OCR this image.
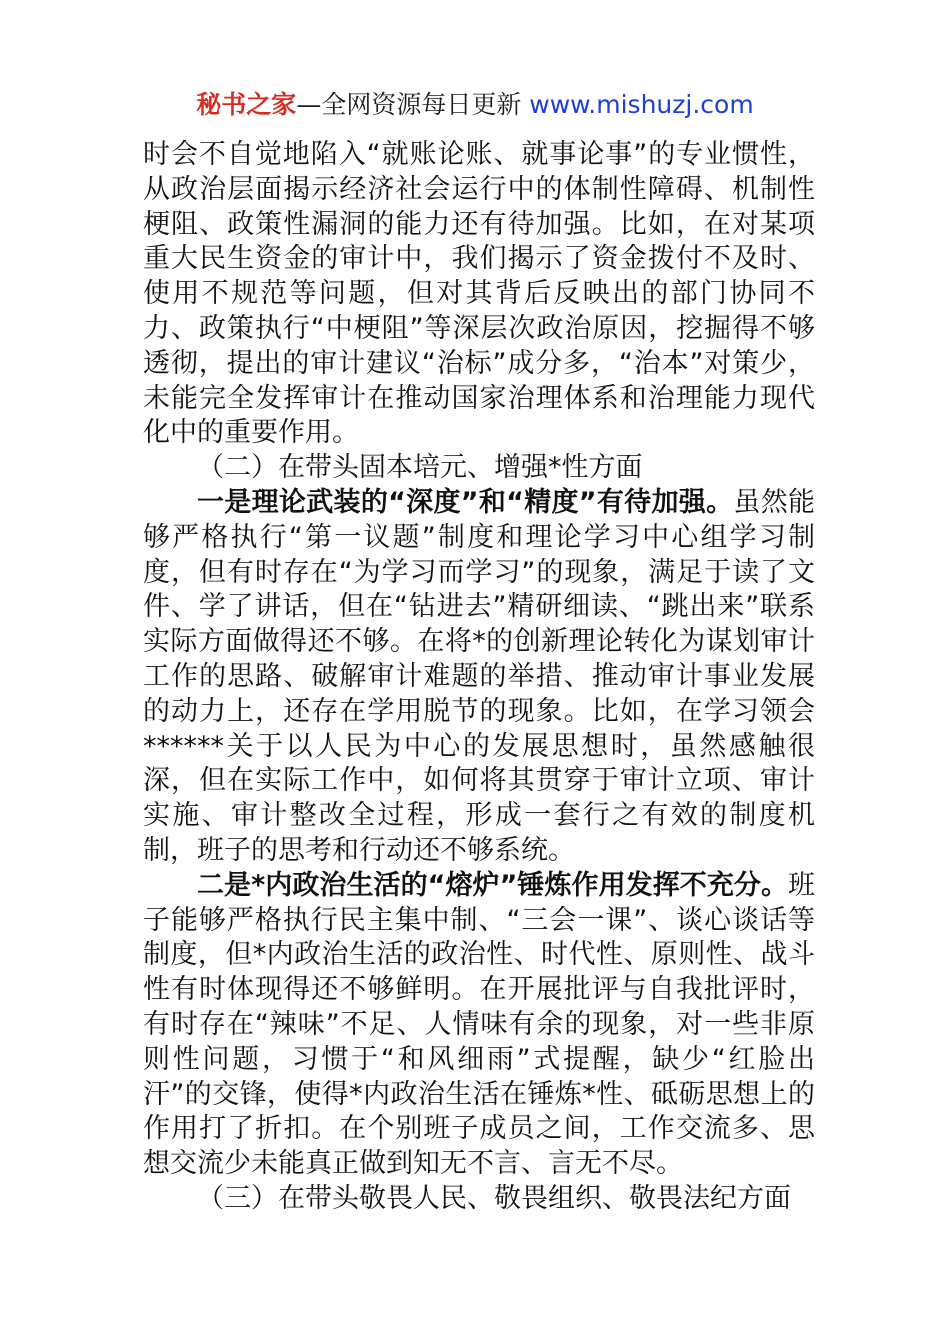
秘书之家—全网资源每日更新 www.mishuzj.com

时会不自觉地陷入“就账论账、就事论事”的专业惯性，从政治层面揭示经济社会运行中的体制性障碍、机制性梗阻、政策性漏洞的能力还有待加强。比如，在对某项重大民生资金的审计中，我们揭示了资金拨付不及时、使用不规范等问题，但对其背后反映出的部门协同不力、政策执行“中梗阻”等深层次政治原因，挖掘得不够透彻，提出的审计建议“治标”成分多，“治本”对策少，未能完全发挥审计在推动国家治理体系和治理能力现代化中的重要作用。

（二）在带头固本培元、增强*性方面

一是理论武装的“深度”和“精度”有待加强。虽然能够严格执行“第一议题”制度和理论学习中心组学习制度，但有时存在“为学习而学习”的现象，满足于读了文件、学了讲话，但在“钻进去”精研细读、“跳出来”联系实际方面做得还不够。在将*的创新理论转化为谋划审计工作的思路、破解审计难题的举措、推动审计事业发展的动力上，还存在学用脱节的现象。比如，在学习领会******关于以人民为中心的发展思想时，虽然感触很深，但在实际工作中，如何将其贯穿于审计立项、审计实施、审计整改全过程，形成一套行之有效的制度机制，班子的思考和行动还不够系统。

二是*内政治生活的“熔炉”锤炼作用发挥不充分。班子能够严格执行民主集中制、“三会一课”、谈心谈话等制度，但*内政治生活的政治性、时代性、原则性、战斗性有时体现得还不够鲜明。在开展批评与自我批评时，有时存在“辣味”不足、人情味有余的现象，对一些非原则性问题，习惯于“和风细雨”式提醒，缺少“红脸出汗”的交锋，使得*内政治生活在锤炼*性、砥砺思想上的作用打了折扣。在个别班子成员之间，工作交流多、思想交流少未能真正做到知无不言、言无不尽。

（三）在带头敬畏人民、敬畏组织、敬畏法纪方面
